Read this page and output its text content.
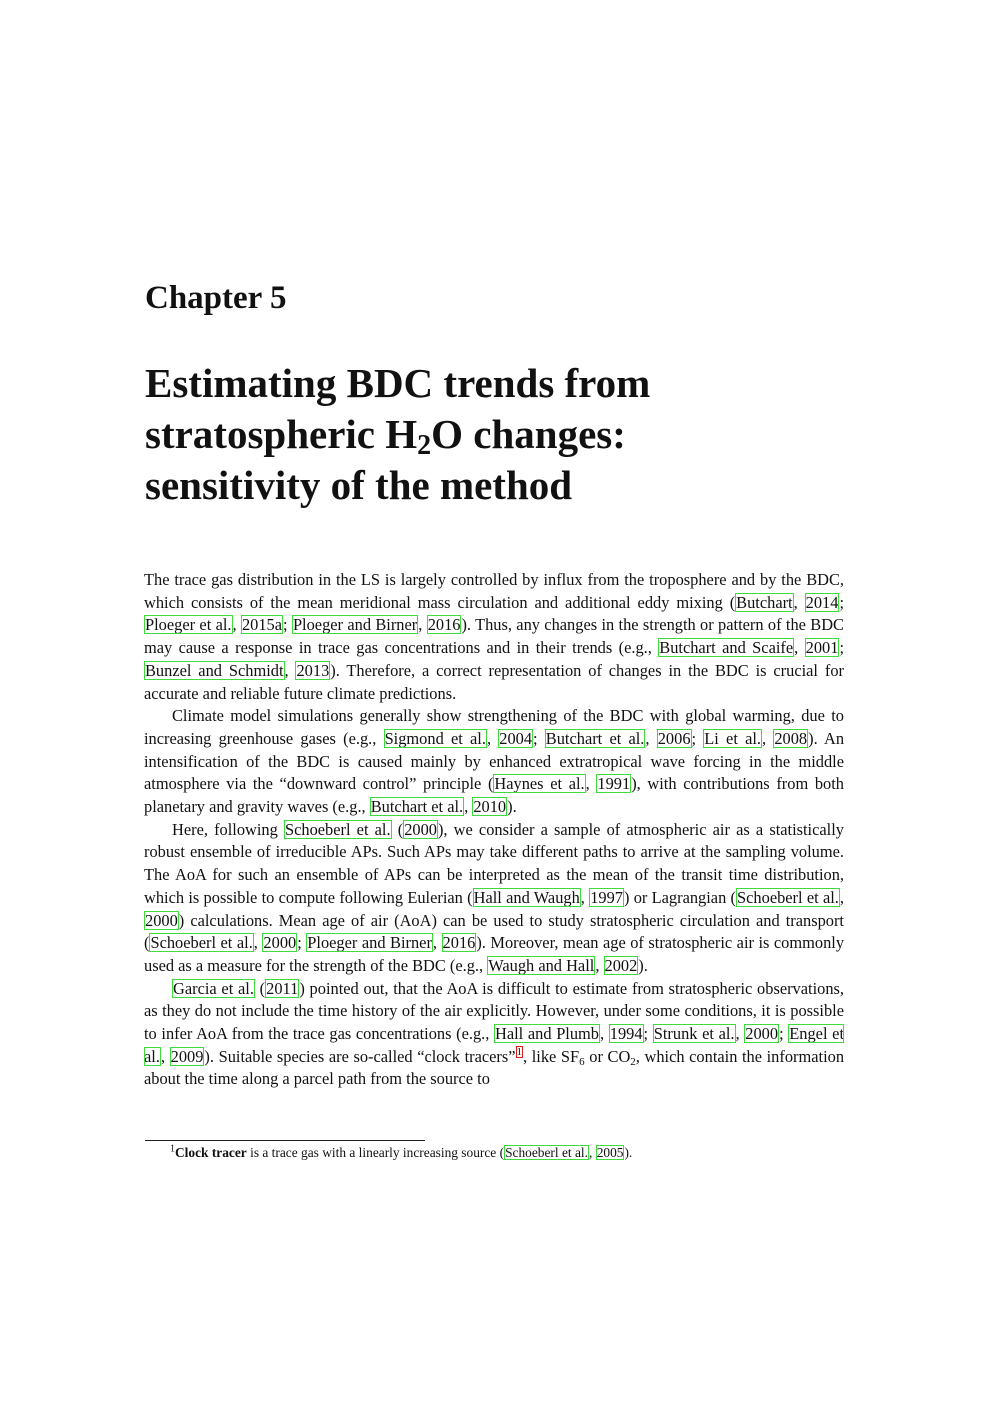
Chapter 5
Estimating BDC trends from
stratospheric $H_2O$ changes:
sensitivity of the method

The trace gas distribution in the LS is largely controlled by influx from the troposphere and by the BDC, which consists of the mean meridional mass circulation and additional eddy mixing (Butchart, 2014; Ploeger et al., 2015a; Ploeger and Birner, 2016). Thus, any changes in the strength or pattern of the BDC may cause a response in trace gas concentrations and in their trends (e.g., Butchart and Scaife, 2001; Bunzel and Schmidt, 2013). Therefore, a correct representation of changes in the BDC is crucial for accurate and reliable future climate predictions.

Climate model simulations generally show strengthening of the BDC with global warming, due to increasing greenhouse gases (e.g., Sigmond et al., 2004; Butchart et al., 2006; Li et al., 2008). An intensification of the BDC is caused mainly by enhanced extratropical wave forcing in the middle atmosphere via the “downward control” principle (Haynes et al., 1991), with contributions from both planetary and gravity waves (e.g., Butchart et al., 2010).

Here, following Schoeberl et al. (2000), we consider a sample of atmospheric air as a statistically robust ensemble of irreducible APs. Such APs may take different paths to arrive at the sampling volume. The AoA for such an ensemble of APs can be interpreted as the mean of the transit time distribution, which is possible to compute following Eulerian (Hall and Waugh, 1997) or Lagrangian (Schoeberl et al., 2000) calculations. Mean age of air (AoA) can be used to study stratospheric circulation and transport (Schoeberl et al., 2000; Ploeger and Birner, 2016). Moreover, mean age of stratospheric air is commonly used as a measure for the strength of the BDC (e.g., Waugh and Hall, 2002).

Garcia et al. (2011) pointed out, that the AoA is difficult to estimate from stratospheric observations, as they do not include the time history of the air explicitly. However, under some conditions, it is possible to infer AoA from the trace gas concentrations (e.g., Hall and Plumb, 1994; Strunk et al., 2000; Engel et al., 2009). Suitable species are so-called “clock tracers”$^1$, like $SF_6$ or $CO_2$, which contain the information about the time along a parcel path from the source to

$^1$Clock tracer is a trace gas with a linearly increasing source (Schoeberl et al., 2005).
